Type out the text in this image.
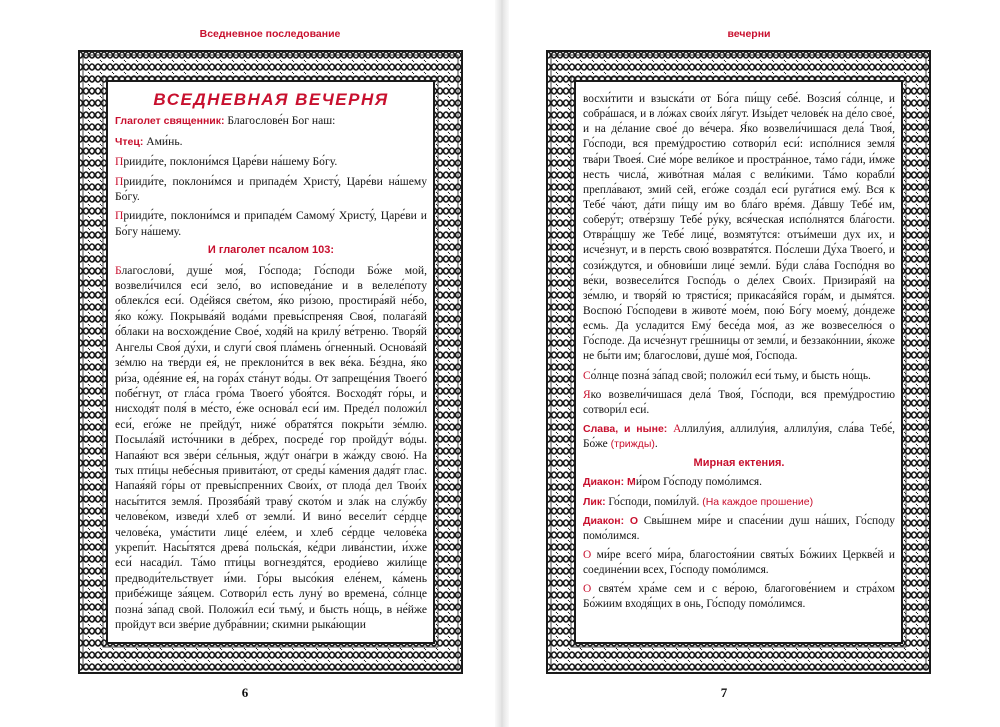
Вседневное последование
ВСЕДНЕВНАЯ ВЕЧЕРНЯ

Глаголет священник: Благослове́н Бог наш:

Чтец: Ами́нь.

Прииди́те, поклони́мся Царе́ви на́шему Бо́гу.

Прииди́те, поклони́мся и припаде́м Христу́, Царе́ви на́шему Бо́гу.

Прииди́те, поклони́мся и припаде́м Самому́ Христу́, Царе́ви и Бо́гу на́шему.

И глаголет псалом 103:

Благослови́, душе́ моя́, Го́спода; Го́споди Бо́же мой, возвели́чился еси́ зело́, во исповеда́ние и в велеле́поту облекл́ся еси́. Оде́йяся све́том, я́ко ри́зою, простира́яй не́бо, я́ко ко́жу. Покрыва́яй вода́ми превы́спреняя Своя́, полага́яй о́блаки на восхожде́ние Свое́, ходя́й на крилу́ ве́треню. Творя́й Ангелы Своя́ ду́хи, и слуги́ своя́ пла́мень о́гненный. Основа́яй зе́млю на тве́рди ея́, не преклони́тся в век ве́ка. Бе́здна, я́ко ри́за, оде́яние ея́, на гора́х ста́нут во́ды. От запреще́ния Твоего́ побе́гнут, от гла́са гро́ма Твоего́ убоя́тся. Восходя́т го́ры, и нисходя́т поля́ в ме́сто, е́же основа́л еси́ им. Преде́л положи́л еси́, его́же не прейду́т, ниже́ обратя́тся покры́ти зе́млю. Посыла́яй исто́чники в де́брех, посреде́ гор пройду́т во́ды. Напая́ют вся зве́ри се́льныя, жду́т она́гри в жа́жду свою́. На тых пти́цы небе́сныя привита́ют, от среды́ ка́мения дадя́т глас. Напая́яй го́ры от превы́спренних Свои́х, от плода́ дел Твои́х насы́тится земля́. Прозяба́яй траву́ ското́м и зла́к на слу́жбу челове́ком, изведи́ хлеб от земли́. И вино́ весели́т се́рдце челове́ка, ума́стити лице́ еле́ем, и хлеб се́рдце челове́ка укрепи́т. Насы́тятся древа́ польска́я, ке́дри лива́нстии, и́хже еси́ насади́л. Та́мо пти́цы вогнездя́тся, ероди́ево жили́ще предводи́тельствует и́ми. Го́ры высо́кия еле́нем, ка́мень прибе́жище за́яцем. Сотвори́л есть луну́ во времена́, со́лнце позна́ за́пад свой. Положи́л еси́ тьму́, и бысть но́щь, в не́йже пройдут вси зве́рие дубра́внии; скимни рыка́ющии

6
вечерни

восхи́тити и взыска́ти от Бо́га пи́щу себе́. Возсия́ со́лнце, и собра́шася, и в ло́жах свои́х ля́гут. Изы́дет челове́к на де́ло свое́, и на де́лание свое́ до ве́чера. Я́ко возвели́чишася дела́ Твоя́, Го́споди, вся прему́дростию сотвори́л еси́: испо́лнися земля́ тва́ри Твоея́. Сие́ мо́ре вели́кое и простра́нное, та́мо га́ди, и́мже несть числа́, живо́тная ма́лая с вели́кими. Та́мо корабли́ препла́вают, змий сей, его́же созда́л еси́ руга́тися ему́. Вся к Тебе́ ча́ют, да́ти пи́щу им во бла́го вре́мя. Да́вшу Тебе́ им, соберу́т; отве́рзшу Тебе́ ру́ку, вся́ческая испо́лнятся бла́гости. Отвра́щшу же Тебе́ лице́, возмяту́тся: отъи́меши дух их, и исче́знут, и в персть свою́ возвратя́тся. По́слеши Ду́ха Твоего́, и сози́ждутся, и обнови́ши лице́ земли́. Бу́ди сла́ва Госпо́дня во ве́ки, возвесели́тся Госпо́дь о де́лех Свои́х. Призира́яй на зе́млю, и творя́й ю трясти́ся; прикаса́яйся гора́м, и дымя́тся. Воспою́ Го́сподеви в животе́ мое́м, пою́ Бо́гу моему́, до́ндеже есмь. Да усладится Ему́ бесе́да моя́, аз же возвеселю́ся о Го́споде. Да исче́знут гре́шницы от земли́, и беззако́ннии, я́коже не бы́ти им; благослови́, душе́ моя́, Го́спода.

Со́лнце позна́ за́пад свой; положи́л еси́ тьму, и бысть но́щь.

Яко возвели́чишася дела́ Твоя́, Го́споди, вся прему́дростию сотвори́л еси́.

Слава, и ныне: Аллилу́ия, аллилу́ия, аллилу́ия, сла́ва Тебе́, Бо́же (трижды).

Мирная ектения.

Диакон: Ми́ром Го́споду помо́лимся.

Лик: Го́споди, поми́луй. (На каждое прошение)

Диакон: О Свы́шнем ми́ре и спасе́нии душ на́ших, Го́споду помо́лимся.

О ми́ре всего́ ми́ра, благостоя́нии святы́х Бо́жиих Церкве́й и соедине́нии всех, Го́споду помо́лимся.

О святе́м хра́ме сем и с ве́рою, благогове́нием и стра́хом Бо́жиим входя́щих в онь, Го́споду помо́лимся.

7
